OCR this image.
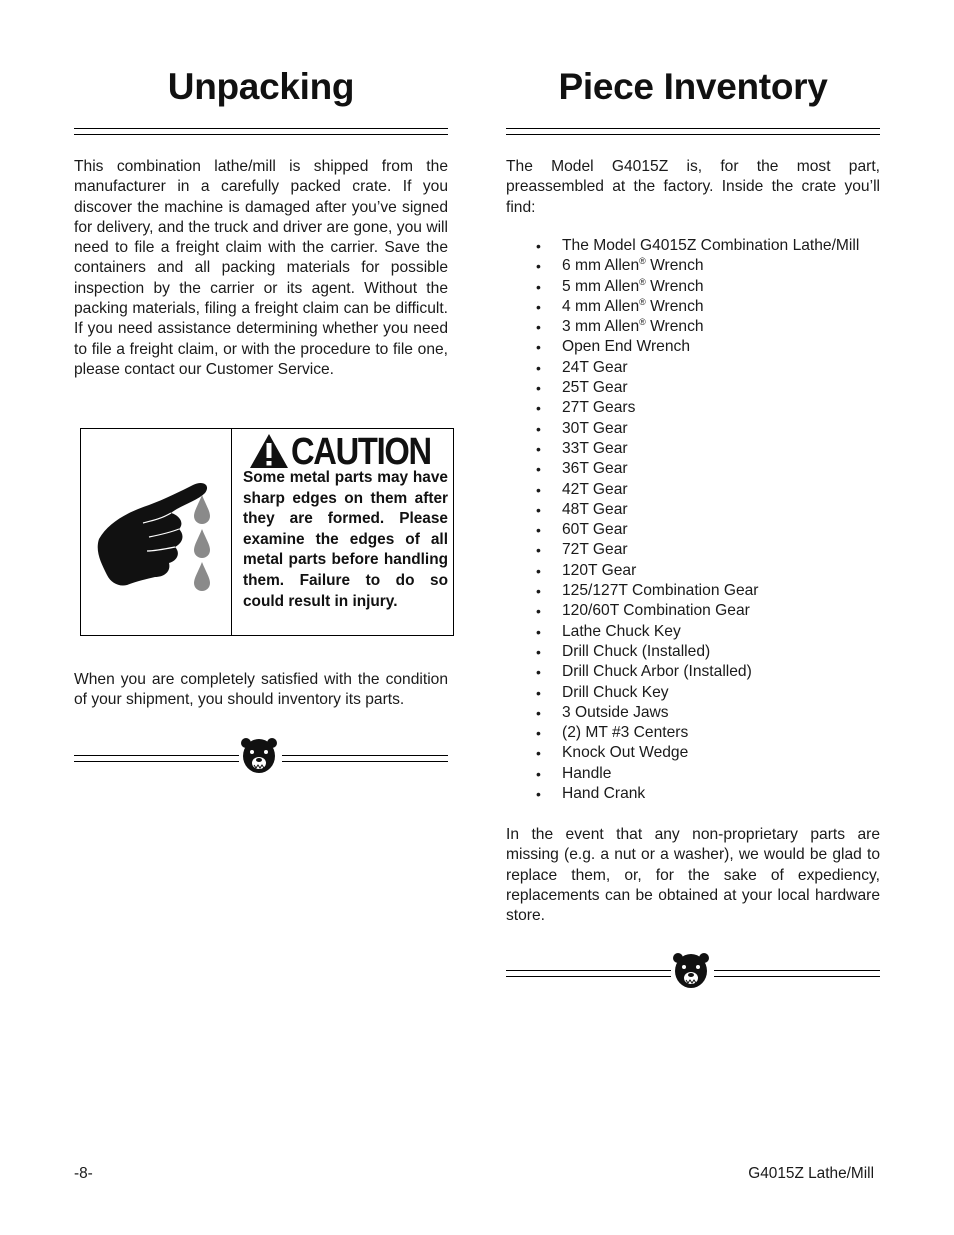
Unpacking

This combination lathe/mill is shipped from the manufacturer in a carefully packed crate. If you discover the machine is damaged after you’ve signed for delivery, and the truck and driver are gone, you will need to file a freight claim with the carrier. Save the containers and all packing materials for possible inspection by the carrier or its agent. Without the packing materials, filing a freight claim can be difficult. If you need assistance determining whether you need to file a freight claim, or with the procedure to file one, please contact our Customer Service.

CAUTION

Some metal parts may have sharp edges on them after they are formed. Please examine the edges of all metal parts before handling them. Failure to do so could result in injury.

When you are completely satisfied with the condition of your shipment, you should inventory its parts.

Piece Inventory

The Model G4015Z is, for the most part, preassembled at the factory. Inside the crate you’ll find:

• The Model G4015Z Combination Lathe/Mill
• 6 mm Allen® Wrench
• 5 mm Allen® Wrench
• 4 mm Allen® Wrench
• 3 mm Allen® Wrench
• Open End Wrench
• 24T Gear
• 25T Gear
• 27T Gears
• 30T Gear
• 33T Gear
• 36T Gear
• 42T Gear
• 48T Gear
• 60T Gear
• 72T Gear
• 120T Gear
• 125/127T Combination Gear
• 120/60T Combination Gear
• Lathe Chuck Key
• Drill Chuck (Installed)
• Drill Chuck Arbor (Installed)
• Drill Chuck Key
• 3 Outside Jaws
• (2) MT #3 Centers
• Knock Out Wedge
• Handle
• Hand Crank

In the event that any non-proprietary parts are missing (e.g. a nut or a washer), we would be glad to replace them, or, for the sake of expediency, replacements can be obtained at your local hardware store.

-8-	G4015Z Lathe/Mill
